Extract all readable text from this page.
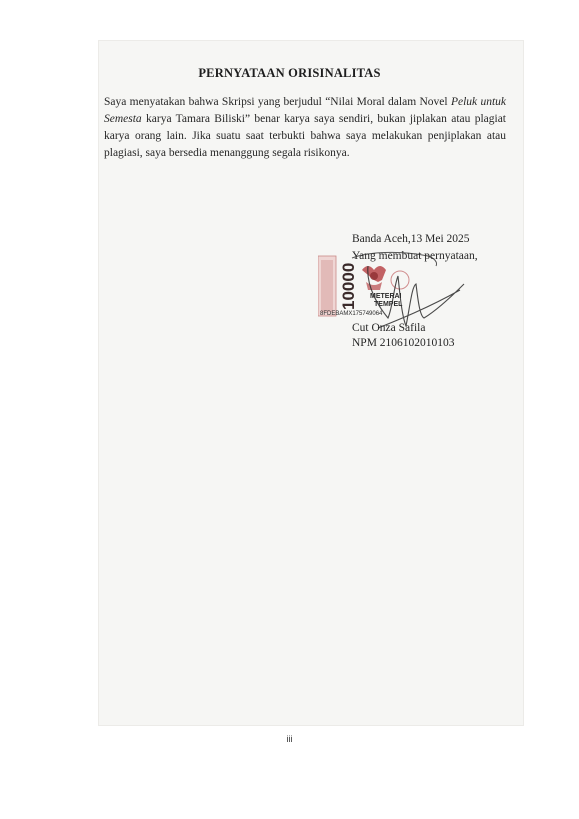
PERNYATAAN ORISINALITAS

Saya menyatakan bahwa Skripsi yang berjudul “Nilai Moral dalam Novel Peluk untuk Semesta karya Tamara Biliski” benar karya saya sendiri, bukan jiplakan atau plagiat karya orang lain. Jika suatu saat terbukti bahwa saya melakukan penjiplakan atau plagiasi, saya bersedia menanggung segala risikonya.

Banda Aceh,13 Mei 2025
Yang membuat pernyataan,
10000 METERAI
TEMPEL
8FDEBAMX175749064
Cut Onza Safila
NPM 2106102010103
iii
